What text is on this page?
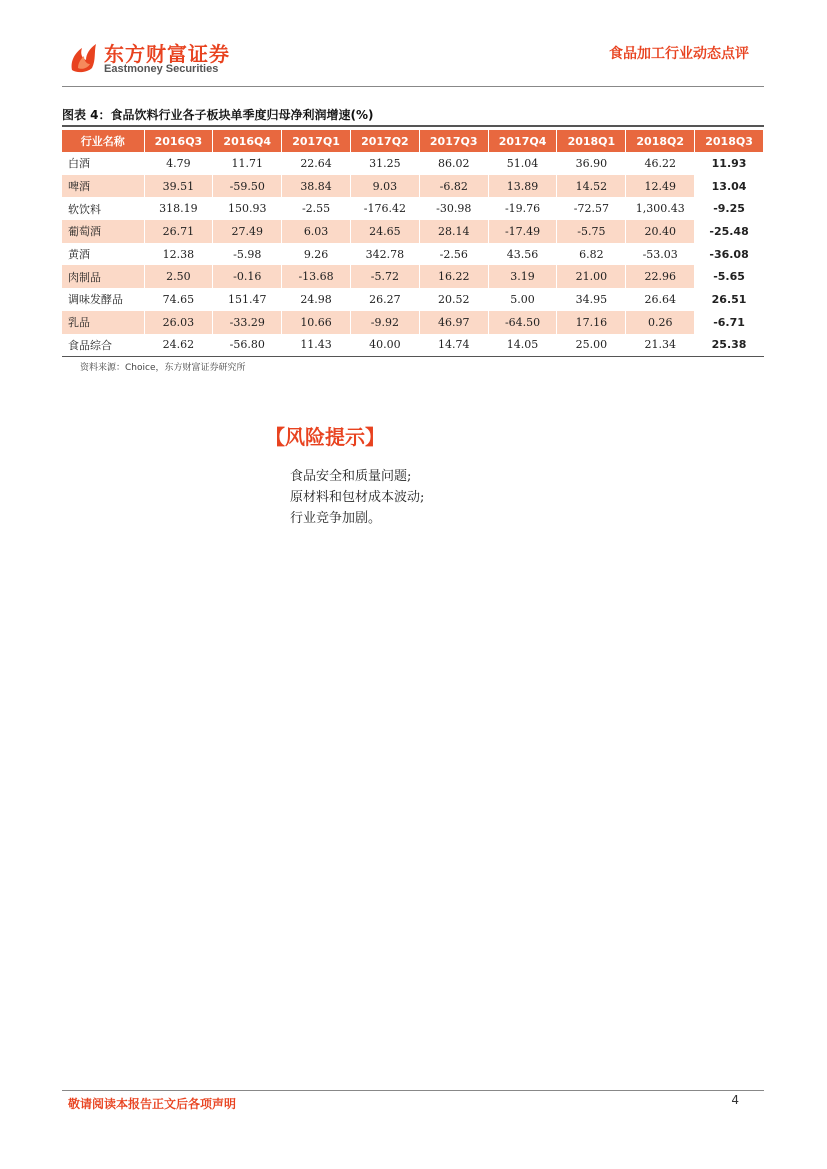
东方财富证券
Eastmoney Securities
食品加工行业动态点评
图表 4：食品饮料行业各子板块单季度归母净利润增速(%)
行业名称	2016Q3	2016Q4	2017Q1	2017Q2	2017Q3	2017Q4	2018Q1	2018Q2	2018Q3
白酒	4.79	11.71	22.64	31.25	86.02	51.04	36.90	46.22	11.93
啤酒	39.51	-59.50	38.84	9.03	-6.82	13.89	14.52	12.49	13.04
软饮料	318.19	150.93	-2.55	-176.42	-30.98	-19.76	-72.57	1,300.43	-9.25
葡萄酒	26.71	27.49	6.03	24.65	28.14	-17.49	-5.75	20.40	-25.48
黄酒	12.38	-5.98	9.26	342.78	-2.56	43.56	6.82	-53.03	-36.08
肉制品	2.50	-0.16	-13.68	-5.72	16.22	3.19	21.00	22.96	-5.65
调味发酵品	74.65	151.47	24.98	26.27	20.52	5.00	34.95	26.64	26.51
乳品	26.03	-33.29	10.66	-9.92	46.97	-64.50	17.16	0.26	-6.71
食品综合	24.62	-56.80	11.43	40.00	14.74	14.05	25.00	21.34	25.38
资料来源：Choice，东方财富证券研究所
【风险提示】
食品安全和质量问题;
原材料和包材成本波动;
行业竞争加剧。
敬请阅读本报告正文后各项声明	4
